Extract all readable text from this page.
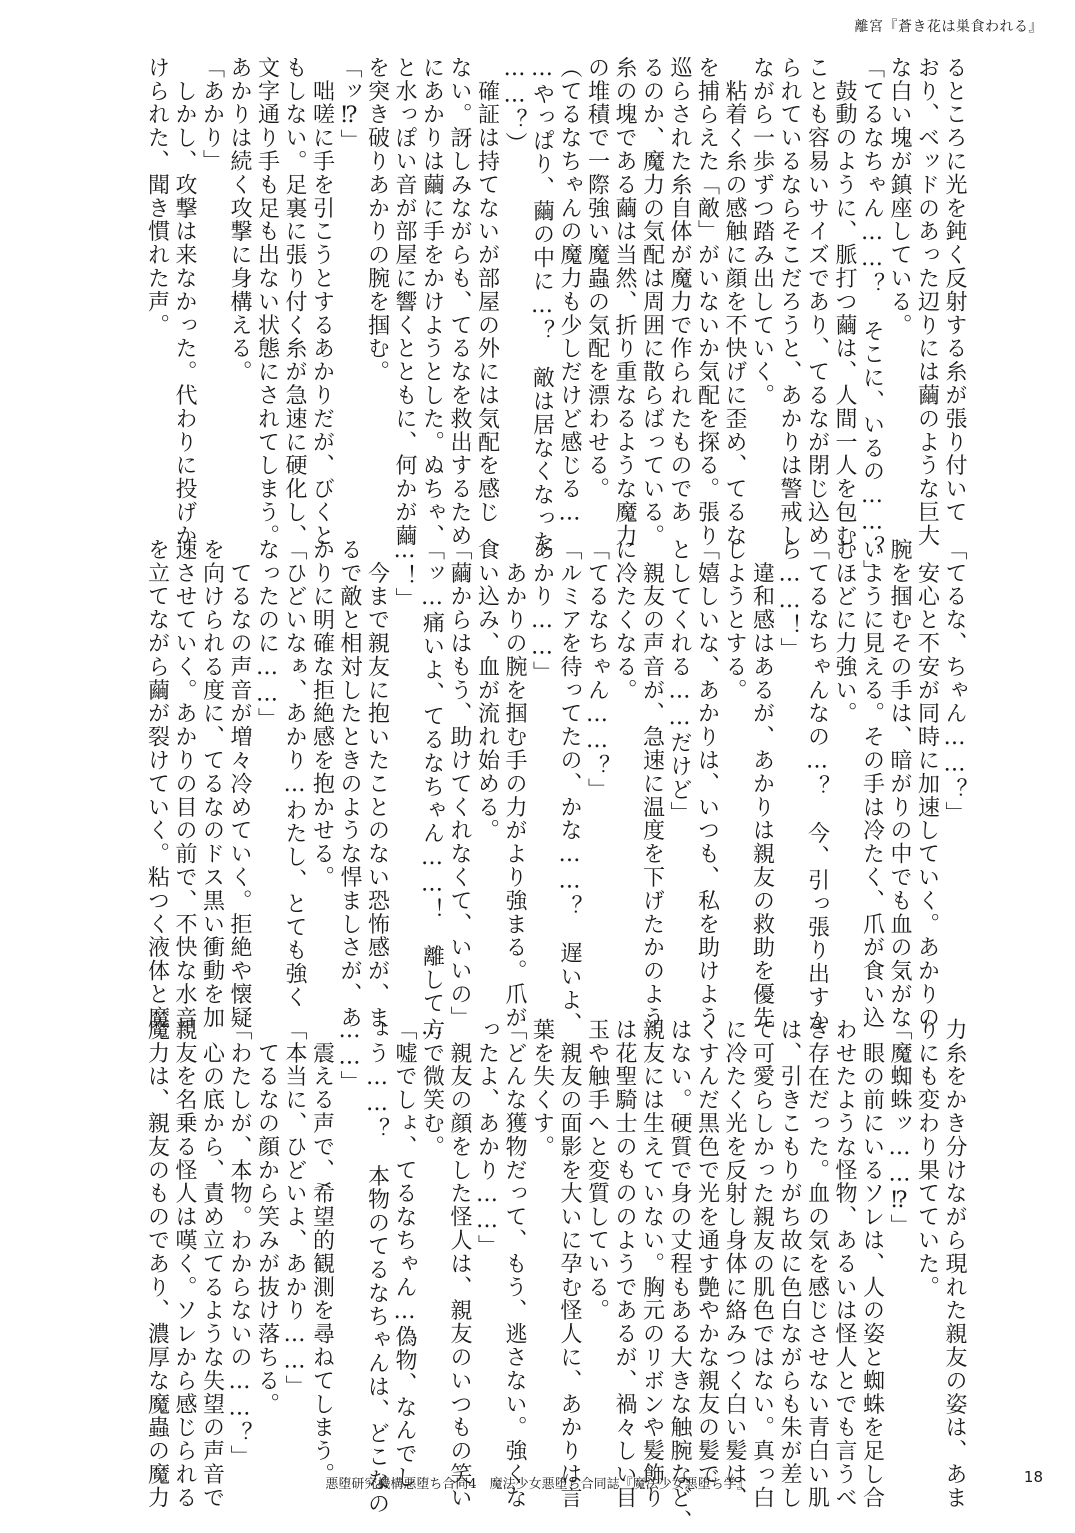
離宮『蒼き花は巣食われる』
ると​ころに光を鈍く反射する糸が張り付いて
おり、ベッドのあった辺りには繭のような巨大
な白い塊が鎮座している。
「てるなちゃん……？　そこに、いるの……？」
　鼓動のように、脈打つ繭は、人間一人を包む
ことも容易いサイズであり、てるなが閉じ込め
られているならそこだろうと、あかりは警戒し
ながら一歩ずつ踏み出していく。
　粘着く糸の感触に顔を不快げに歪め、てるな
を捕らえた「敵」がいないか気配を探る。張り
巡らされた糸自体が魔力で作られたものであ
るのか、魔力の気配は周囲に散らばっている。
糸の塊である繭は当然、折り重なるような魔力
の堆積で一際強い魔蟲の気配を漂わせる。
（てるなちゃんの魔力も少しだけど感じる…
…やっぱり、繭の中に…？　敵は居なくなった
……？）
　確証は持てないが部屋の外には気配を感じ
ない。訝しみながらも、てるなを救出するため
にあかりは繭に手をかけようとした。ぬちゃ、
と水っぽい音が部屋に響くとともに、何かが繭
を突き破りあかりの腕を掴む。
「ッ⁉」
　咄嗟に手を引こうとするあかりだが、びくと
もしない。足裏に張り付く糸が急速に硬化し、
文字通り手も足も出ない状態にされてしまう。
あかりは続く攻撃に身構える。
「あかり」
　しかし、攻撃は来なかった。代わりに投げか
けられた、聞き慣れた声。
「てるな、ちゃん……？」
　安心と不安が同時に加速していく。あかりの
腕を掴むその手は、暗がりの中でも血の気がな
いように見える。その手は冷たく、爪が食い込
むほどに力強い。
「てるなちゃんなの…？　今、引っ張り出すか
ら……！」
　違和感はあるが、あかりは親友の救助を優先
しようとする。
「嬉しいな、あかりは、いつも、私を助けよう
としてくれる……だけど」
　親友の声音が、急速に温度を下げたかのよう
に冷たくなる。
「てるなちゃん……？」
「ルミアを待ってたの、かな……？　遅いよ、
あかり……」
　あかりの腕を掴む手の力がより強まる。爪が
食い込み、血が流れ始める。
「繭からはもう、助けてくれなくて、いいの」
「ッ…痛いよ、てるなちゃん……！　離して…
…！」
　今まで親友に抱いたことのない恐怖感が、ま
るで敵と相対したときのような悍ましさが、あ
かりに明確な拒絶感を抱かせる。
「ひどいなぁ、あかり…わたし、とても強く
なったのに……」
　てるなの声音が増々冷めていく。拒絶や懐疑
を向けられる度に、てるなのドス黒い衝動を加
速させていく。あかりの目の前で、不快な水音
を立てながら繭が裂けていく。粘つく液体と魔
力糸をかき分けながら現れた親友の姿は、あま
りにも変わり果てていた。
「魔蜘蛛ッ……⁉」
　眼の前にいるソレは、人の姿と蜘蛛を足し合
わせたような怪物、あるいは怪人とでも言うべ
き存在だった。血の気を感じさせない青白い肌
は、引きこもりがち故に色白ながらも朱が差し
て可愛らしかった親友の肌色ではない。真っ白
に冷たく光を反射し身体に絡みつく白い髪は、
くすんだ黒色で光を通す艶やかな親友の髪で
はない。硬質で身の丈程もある大きな触腕など、
親友には生えていない。胸元のリボンや髪飾り
は花聖騎士のもののようであるが、禍々しい目
玉や触手へと変質している。
　親友の面影を大いに孕む怪人に、あかりは言
葉を失くす。
「どんな獲物だって、もう、逃さない。強くな
ったよ、あかり……」
　親友の顔をした怪人は、親友のいつもの笑い
方で微笑む。
「嘘でしょ、てるなちゃん…偽物、なんでし
ょう……？　本物のてるなちゃんは、どこなの
……」
　震える声で、希望的観測を尋ねてしまう。
「本当に、ひどいよ、あかり……」
　てるなの顔から笑みが抜け落ちる。
「わたしが、本物。わからないの……？」
　心の底から、責め立てるような失望の声音で
親友を名乗る怪人は嘆く。ソレから感じられる
魔力は、親友のものであり、濃厚な魔蟲の魔力	悪堕研究機構悪堕ち合同4　魔法少女悪堕ち合同誌『魔法少女悪堕ち学』	18
